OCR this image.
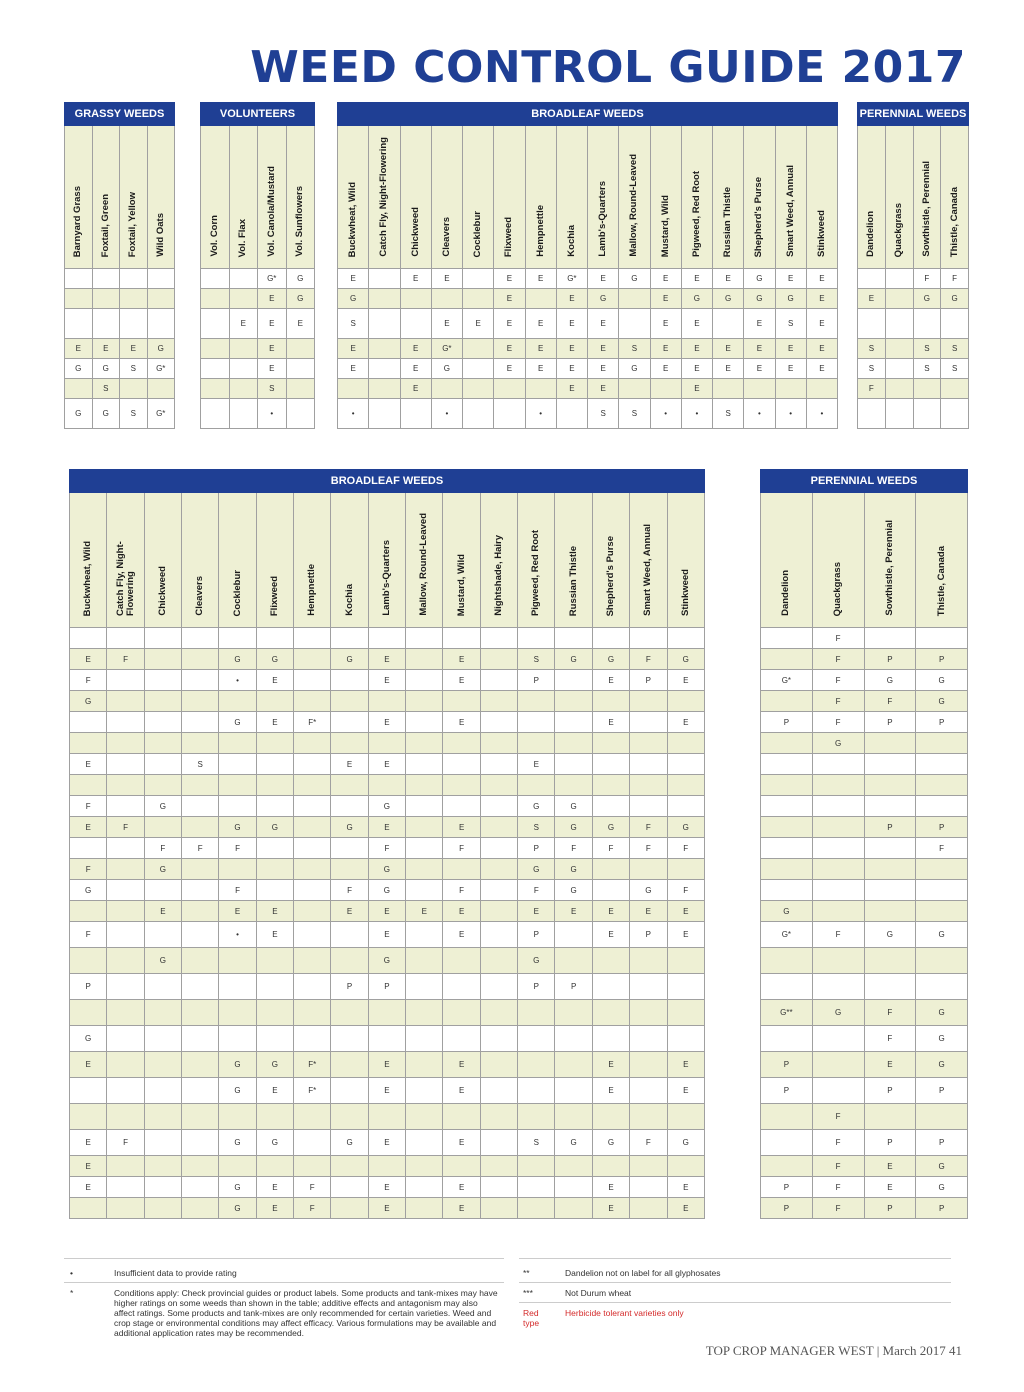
WEED CONTROL GUIDE 2017
GRASSY WEEDS			
Barnyard Grass	Foxtail, Green	Foxtail, Yellow	Wild Oats

E	E	E	G
G	G	S	G*
	S		
G	G	S	G*
VOLUNTEERS			
Vol. Corn	Vol. Flax	Vol. Canola/Mustard	Vol. Sunflowers
		G*	G
		E	G
	E	E	E
		E	
		E	
		S	
		•	
BROADLEAF WEEDS															
Buckwheat, Wild	Catch Fly, Night-Flowering	Chickweed	Cleavers	Cocklebur	Flixweed	Hempnettle	Kochia	Lamb's-Quarters	Mallow, Round-Leaved	Mustard, Wild	Pigweed, Red Root	Russian Thistle	Shepherd's Purse	Smart Weed, Annual	Stinkweed
E		E	E		E	E	G*	E	G	E	E	E	G	E	E
G					E		E	G		E	G	G	G	G	E
S			E	E	E	E	E	E		E	E		E	S	E
E		E	G*		E	E	E	E	S	E	E	E	E	E	E
E		E	G		E	E	E	E	G	E	E	E	E	E	E
		E					E	E			E				
•			•			•		S	S	•	•	S	•	•	•
PERENNIAL WEEDS			
Dandelion	Quackgrass	Sowthistle, Perennial	Thistle, Canada
		F	F
E		G	G

S		S	S
S		S	S
F			

BROADLEAF WEEDS																
Buckwheat, Wild	Catch Fly, Night-Flowering	Chickweed	Cleavers	Cocklebur	Flixweed	Hempnettle	Kochia	Lamb's-Quarters	Mallow, Round-Leaved	Mustard, Wild	Nightshade, Hairy	Pigweed, Red Root	Russian Thistle	Shepherd's Purse	Smart Weed, Annual	Stinkweed

E	F			G	G		G	E		E		S	G	G	F	G
F				•	E			E		E		P		E	P	E
G																
				G	E	F*		E		E				E		E

E			S				E	E				E				

F		G						G				G	G			
E	F			G	G		G	E		E		S	G	G	F	G
		F	F	F				F		F		P	F	F	F	F
F		G						G				G	G			
G				F			F	G		F		F	G		G	F
		E		E	E		E	E	E	E		E	E	E	E	E
F				•	E			E		E		P		E	P	E
		G						G				G				
P							P	P				P	P			

G																
E				G	G	F*		E		E				E		E
				G	E	F*		E		E				E		E

E	F			G	G		G	E		E		S	G	G	F	G
E																
E				G	E	F		E		E				E		E
				G	E	F		E		E				E		E
PERENNIAL WEEDS			
Dandelion	Quackgrass	Sowthistle, Perennial	Thistle, Canada
	F		
	F	P	P
G*	F	G	G
	F	F	G
P	F	P	P
	G		

		P	P
			F

G			
G*	F	G	G

G**	G	F	G
		F	G
P		E	G
P		P	P
	F		
	F	P	P
	F	E	G
P	F	E	G
P	F	P	P
•	Insufficient data to provide rating
*	Conditions apply: Check provincial guides or product labels. Some products and tank-mixes may have higher ratings on some weeds than shown in the table; additive effects and antagonism may also affect ratings. Some products and tank-mixes are only recommended for certain varieties. Weed and crop stage or environmental conditions may affect efficacy. Various formulations may be available and additional application rates may be recommended.
**	Dandelion not on label for all glyphosates
***	Not Durum wheat
Red type
Herbicide tolerant varieties only
TOP CROP MANAGER WEST | March 2017 41
